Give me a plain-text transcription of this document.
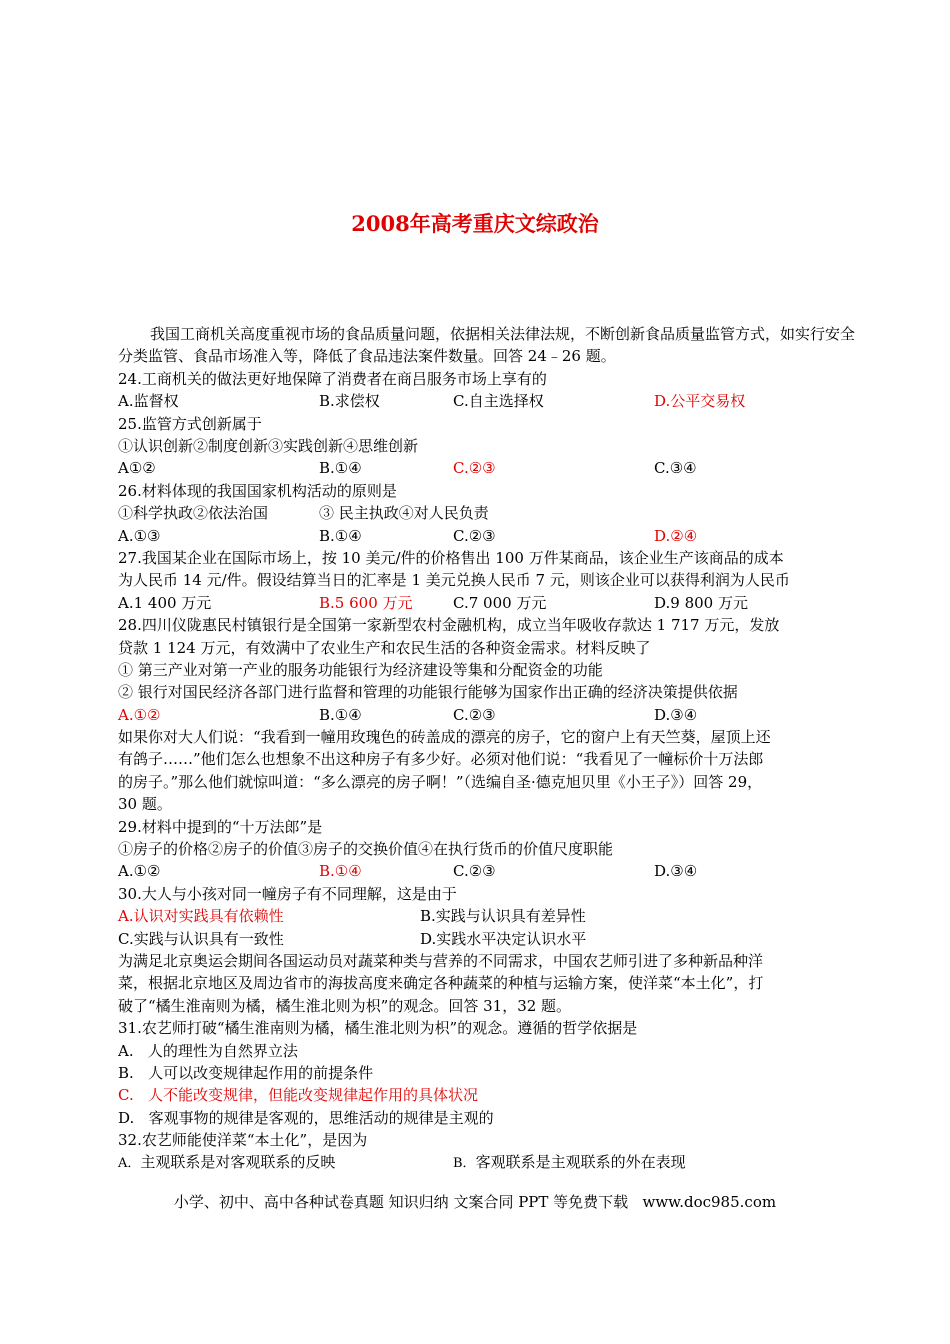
2008年高考重庆文综政治
我国工商机关高度重视市场的食品质量问题，依据相关法律法规，不断创新食品质量监管方式，如实行安全分类监管、食品市场准入等，降低了食品违法案件数量。回答 24﹣26 题。
24.工商机关的做法更好地保障了消费者在商吕服务市场上享有的
A.监督权	B.求偿权	C.自主选择权	D.公平交易权
25.监管方式创新属于
①认识创新②制度创新③实践创新④思维创新
A①②	B.①④	C.②③	C.③④
26.材料体现的我国国家机构活动的原则是
①科学执政②依法治国	③ 民主执政④对人民负责
A.①③	B.①④	C.②③	D.②④
27.我国某企业在国际市场上，按 10 美元/件的价格售出 100 万件某商品，该企业生产该商品的成本
为人民币 14 元/件。假设结算当日的汇率是 1 美元兑换人民币 7 元，则该企业可以获得利润为人民币
A.1 400 万元	B.5 600 万元	C.7 000 万元	D.9 800 万元
28.四川仪陇惠民村镇银行是全国第一家新型农村金融机构，成立当年吸收存款达 1 717 万元，发放
贷款 1 124 万元，有效满中了农业生产和农民生活的各种资金需求。材料反映了
① 第三产业对第一产业的服务功能银行为经济建设等集和分配资金的功能
② 银行对国民经济各部门进行监督和管理的功能银行能够为国家作出正确的经济决策提供依据
A.①②	B.①④	C.②③	D.③④
如果你对大人们说：“我看到一幢用玫瑰色的砖盖成的漂亮的房子，它的窗户上有天竺葵，屋顶上还
有鸽子……”他们怎么也想象不出这种房子有多少好。必须对他们说：“我看见了一幢标价十万法郎
的房子。”那么他们就惊叫道：“多么漂亮的房子啊！”（选编自圣·德克旭贝里《小王子》）回答 29，
30 题。
29.材料中提到的“十万法郎”是
①房子的价格②房子的价值③房子的交换价值④在执行货币的价值尺度职能
A.①②	B.①④	C.②③	D.③④
30.大人与小孩对同一幢房子有不同理解，这是由于
A.认识对实践具有依赖性	B.实践与认识具有差异性
C.实践与认识具有一致性	D.实践水平决定认识水平
为满足北京奥运会期间各国运动员对蔬菜种类与营养的不同需求，中国农艺师引进了多种新品种洋
菜，根据北京地区及周边省市的海拔高度来确定各种蔬菜的种植与运输方案，使洋菜“本土化”，打
破了“橘生淮南则为橘，橘生淮北则为枳”的观念。回答 31，32 题。
31.农艺师打破“橘生淮南则为橘，橘生淮北则为枳”的观念。遵循的哲学依据是
A.   人的理性为自然界立法
B.   人可以改变规律起作用的前提条件
C.   人不能改变规律，但能改变规律起作用的具体状况
D.   客观事物的规律是客观的，思维活动的规律是主观的
32.农艺师能使洋菜“本土化”，是因为
A．主观联系是对客观联系的反映	B．客观联系是主观联系的外在表现
小学、初中、高中各种试卷真题 知识归纳 文案合同 PPT 等免费下载   www.doc985.com
